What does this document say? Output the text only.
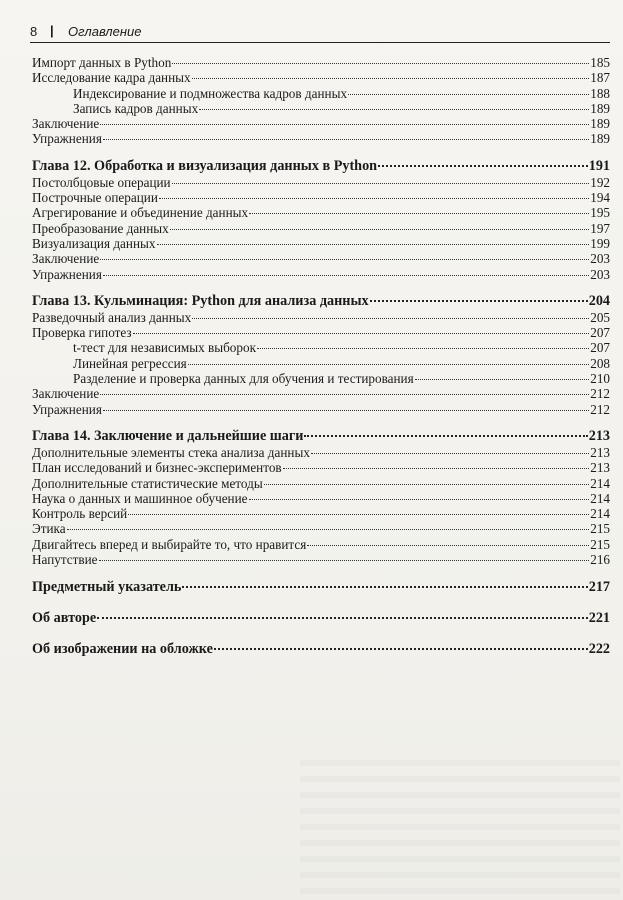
8 | Оглавление
Импорт данных в Python	185
Исследование кадра данных	187
Индексирование и подмножества кадров данных	188
Запись кадров данных	189
Заключение	189
Упражнения	189
Глава 12. Обработка и визуализация данных в Python	191
Постолбцовые операции	192
Построчные операции	194
Агрегирование и объединение данных	195
Преобразование данных	197
Визуализация данных	199
Заключение	203
Упражнения	203
Глава 13. Кульминация: Python для анализа данных	204
Разведочный анализ данных	205
Проверка гипотез	207
t-тест для независимых выборок	207
Линейная регрессия	208
Разделение и проверка данных для обучения и тестирования	210
Заключение	212
Упражнения	212
Глава 14. Заключение и дальнейшие шаги	213
Дополнительные элементы стека анализа данных	213
План исследований и бизнес-экспериментов	213
Дополнительные статистические методы	214
Наука о данных и машинное обучение	214
Контроль версий	214
Этика	215
Двигайтесь вперед и выбирайте то, что нравится	215
Напутствие	216
Предметный указатель	217
Об авторе	221
Об изображении на обложке	222
